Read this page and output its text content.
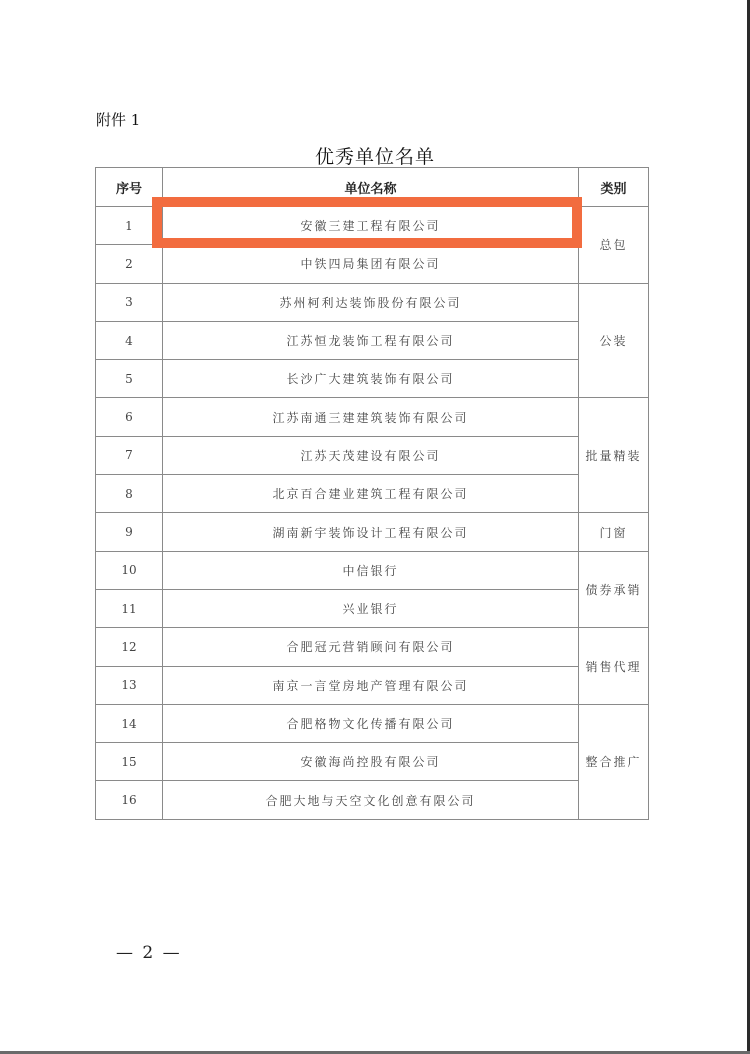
附件 1
优秀单位名单
序号	单位名称	类别
1	安徽三建工程有限公司	总包
2	中铁四局集团有限公司	
3	苏州柯利达装饰股份有限公司	公装
4	江苏恒龙装饰工程有限公司	
5	长沙广大建筑装饰有限公司	
6	江苏南通三建建筑装饰有限公司	批量精装
7	江苏天茂建设有限公司	
8	北京百合建业建筑工程有限公司	
9	湖南新宇装饰设计工程有限公司	门窗
10	中信银行	债券承销
11	兴业银行	
12	合肥冠元营销顾问有限公司	销售代理
13	南京一言堂房地产管理有限公司	
14	合肥格物文化传播有限公司	整合推广
15	安徽海尚控股有限公司	
16	合肥大地与天空文化创意有限公司	
— 2 —
